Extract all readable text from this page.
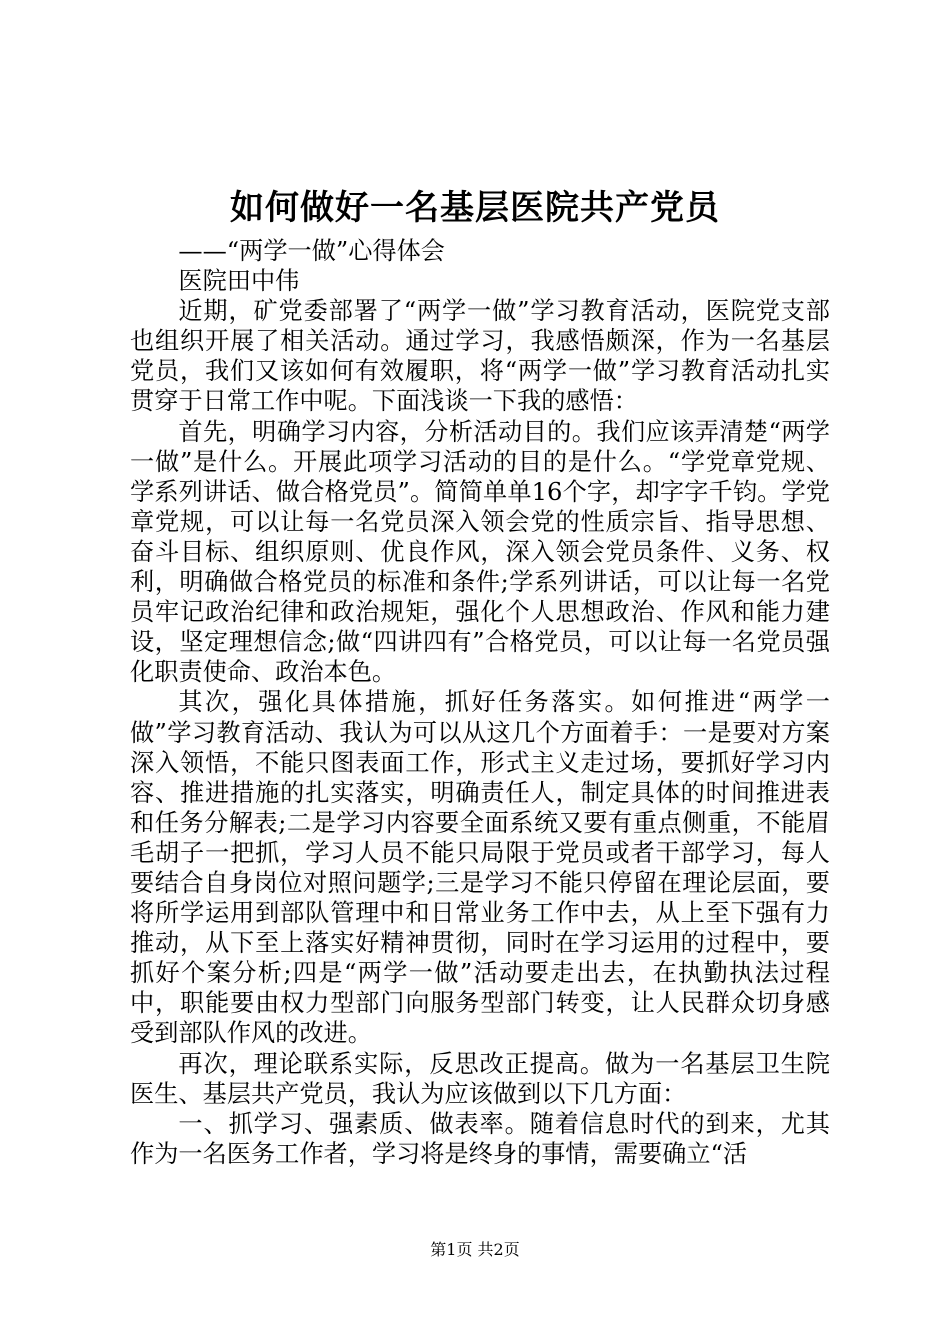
如何做好一名基层医院共产党员

——“两学一做”心得体会

医院田中伟

近期，矿党委部署了“两学一做”学习教育活动，医院党支部也组织开展了相关活动。通过学习，我感悟颇深，作为一名基层党员，我们又该如何有效履职，将“两学一做”学习教育活动扎实贯穿于日常工作中呢。下面浅谈一下我的感悟：

首先，明确学习内容，分析活动目的。我们应该弄清楚“两学一做”是什么。开展此项学习活动的目的是什么。“学党章党规、学系列讲话、做合格党员”。简简单单16个字，却字字千钧。学党章党规，可以让每一名党员深入领会党的性质宗旨、指导思想、奋斗目标、组织原则、优良作风，深入领会党员条件、义务、权利，明确做合格党员的标准和条件;学系列讲话，可以让每一名党员牢记政治纪律和政治规矩，强化个人思想政治、作风和能力建设，坚定理想信念;做“四讲四有”合格党员，可以让每一名党员强化职责使命、政治本色。

其次，强化具体措施，抓好任务落实。如何推进“两学一做”学习教育活动、我认为可以从这几个方面着手：一是要对方案深入领悟，不能只图表面工作，形式主义走过场，要抓好学习内容、推进措施的扎实落实，明确责任人，制定具体的时间推进表和任务分解表;二是学习内容要全面系统又要有重点侧重，不能眉毛胡子一把抓，学习人员不能只局限于党员或者干部学习，每人要结合自身岗位对照问题学;三是学习不能只停留在理论层面，要将所学运用到部队管理中和日常业务工作中去，从上至下强有力推动，从下至上落实好精神贯彻，同时在学习运用的过程中，要抓好个案分析;四是“两学一做”活动要走出去，在执勤执法过程中，职能要由权力型部门向服务型部门转变，让人民群众切身感受到部队作风的改进。

再次，理论联系实际，反思改正提高。做为一名基层卫生院医生、基层共产党员，我认为应该做到以下几方面：

一、抓学习、强素质、做表率。随着信息时代的到来，尤其作为一名医务工作者，学习将是终身的事情，需要确立“活

第1页 共2页
